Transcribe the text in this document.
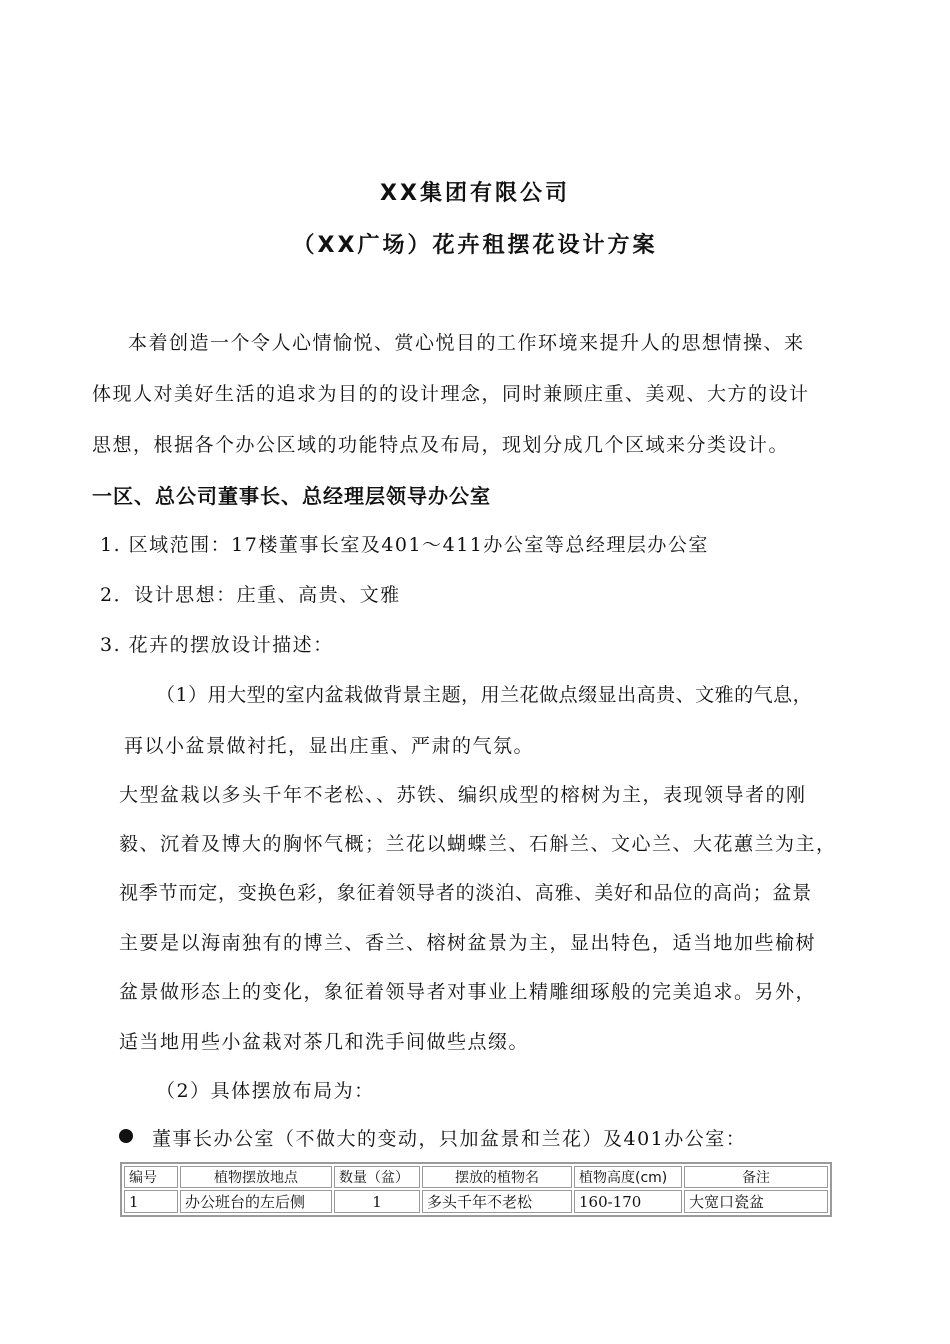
XX集团有限公司
（XX广场）花卉租摆花设计方案
本着创造一个令人心情愉悦、赏心悦目的工作环境来提升人的思想情操、来
体现人对美好生活的追求为目的的设计理念，同时兼顾庄重、美观、大方的设计
思想，根据各个办公区域的功能特点及布局，现划分成几个区域来分类设计。
一区、总公司董事长、总经理层领导办公室
1. 区域范围：17楼董事长室及401～411办公室等总经理层办公室
2．设计思想：庄重、高贵、文雅
3. 花卉的摆放设计描述：
（1）用大型的室内盆栽做背景主题，用兰花做点缀显出高贵、文雅的气息，
再以小盆景做衬托，显出庄重、严肃的气氛。
大型盆栽以多头千年不老松、、苏铁、编织成型的榕树为主，表现领导者的刚
毅、沉着及博大的胸怀气概；兰花以蝴蝶兰、石斛兰、文心兰、大花蕙兰为主，
视季节而定，变换色彩，象征着领导者的淡泊、高雅、美好和品位的高尚；盆景
主要是以海南独有的博兰、香兰、榕树盆景为主，显出特色，适当地加些榆树
盆景做形态上的变化，象征着领导者对事业上精雕细琢般的完美追求。另外，
适当地用些小盆栽对茶几和洗手间做些点缀。
（2）具体摆放布局为：
董事长办公室（不做大的变动，只加盆景和兰花）及401办公室：
编号	植物摆放地点	数量（盆）	摆放的植物名	植物高度(cm)	备注
1	办公班台的左后侧	1	多头千年不老松	160-170	大宽口瓷盆
